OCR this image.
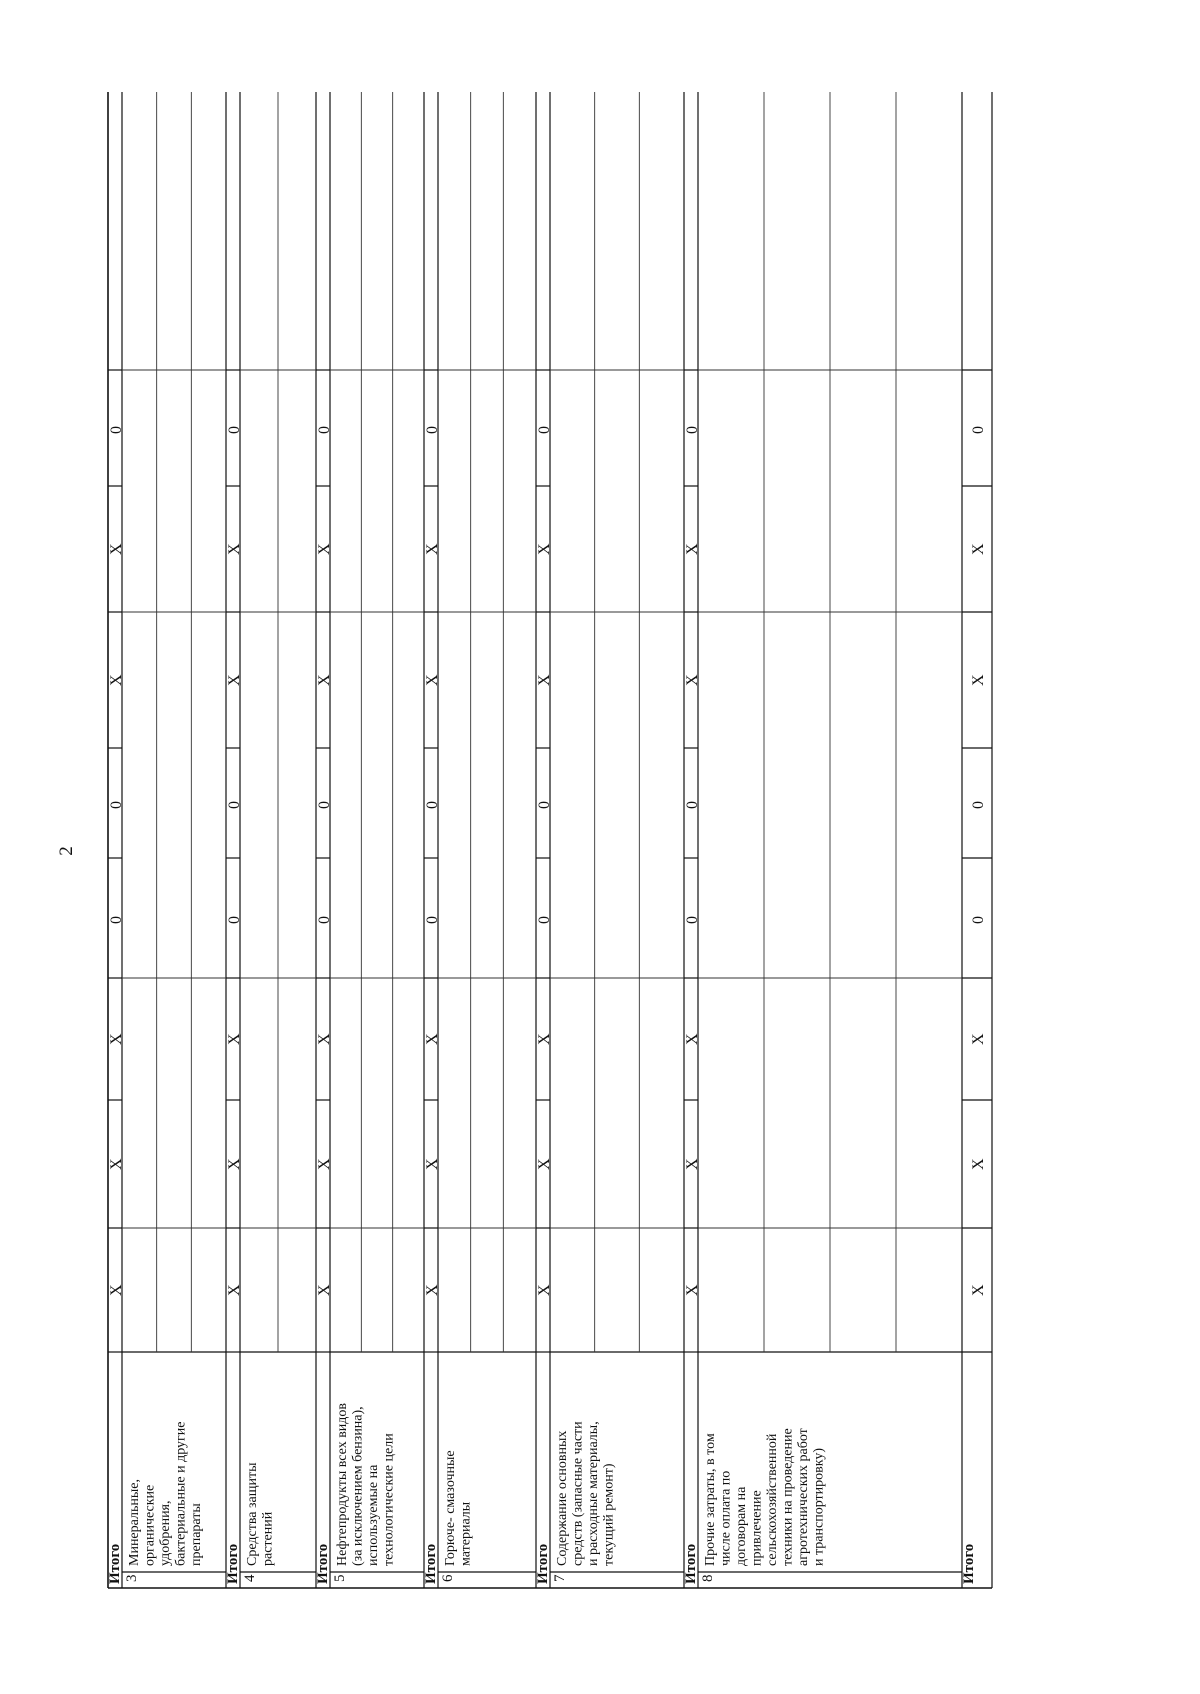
2
X
X
X
0
0
X
X
0
Итого 3
Минеральные, органические удобрения, бактериальные и другие препараты
X
X
X
0
0
X
X
0
Итого 4
Средства защиты растений
X
X
X
0
0
X
X
0
Итого 5
Нефтепродукты всех видов (за исключением бензина), используемые на технологические цели
X
X
X
0
0
X
X
0
Итого 6
Горюче- смазочные материалы
X
X
X
0
0
X
X
0
Итого 7
Содержание основных средств (запасные части и расходные материалы, текущий ремонт)
X
X
X
0
0
X
X
0
Итого 8
Прочие затраты, в том числе оплата по договорам на привлечение сельскохозяйственной техники на проведение агротехнических работ и транспортировку)
X
X
X
0
0
X
X
0
Итого
